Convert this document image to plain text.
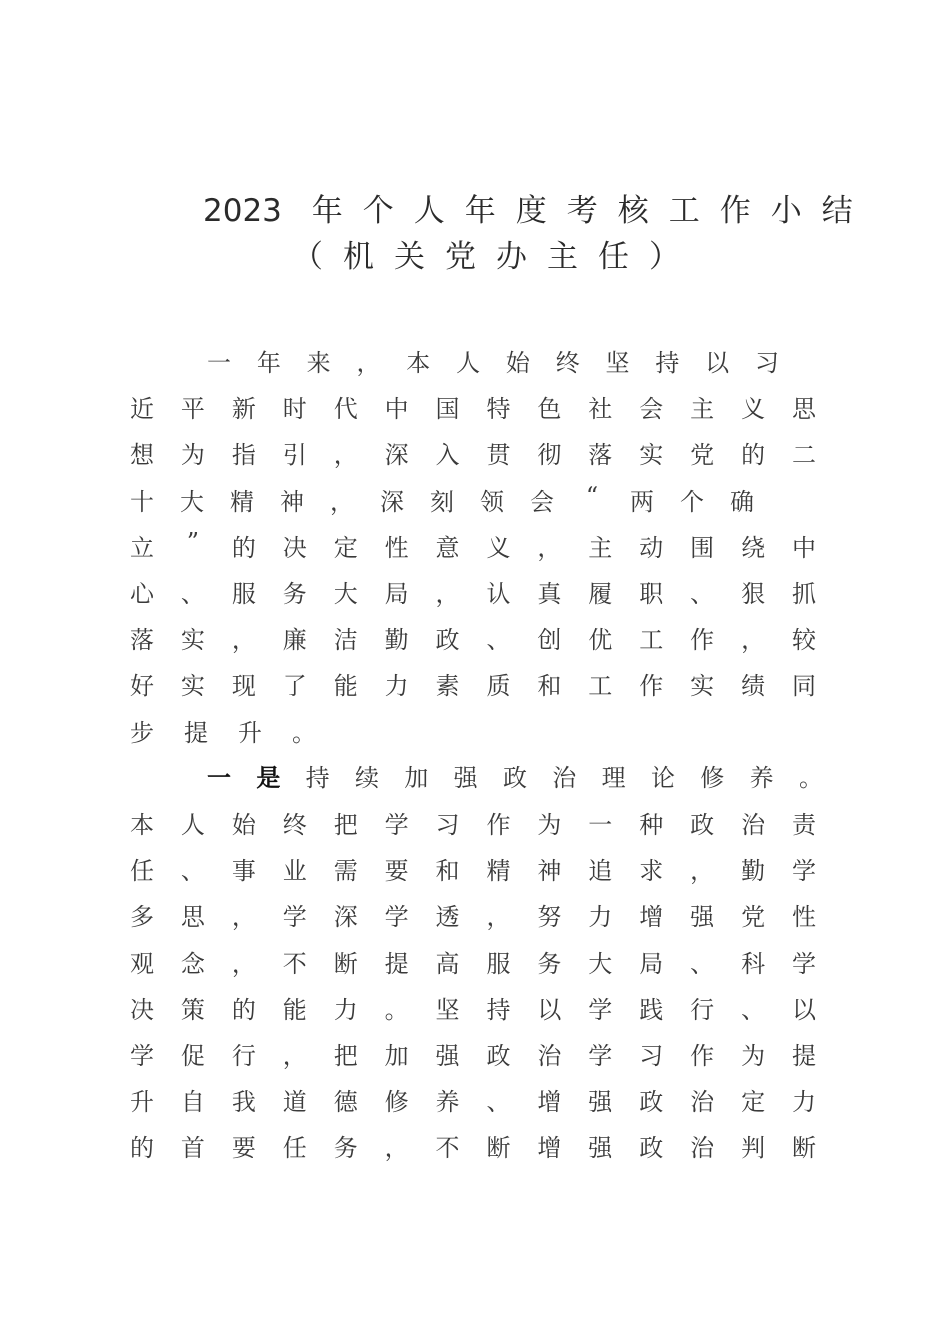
2023 年个人年度考核工作小结
（机关党办主任）
一 年 来 ， 本 人 始 终 坚 持 以 习
近 平 新 时 代 中 国 特 色 社 会 主 义 思
想 为 指 引 ， 深 入 贯 彻 落 实 党 的 二
十 大 精 神 ， 深 刻 领 会	“	两 个 确
立	”	的 决 定 性 意 义 ， 主 动 围 绕 中
心 、 服 务 大 局 ， 认 真 履 职 、 狠 抓
落 实 ， 廉 洁 勤 政 、 创 优 工 作 ， 较
好 实 现 了 能 力 素 质 和 工 作 实 绩 同
步 提 升 。
一 是 持 续 加 强 政 治 理 论 修 养 。
本 人 始 终 把 学 习 作 为 一 种 政 治 责
任 、 事 业 需 要 和 精 神 追 求 ， 勤 学
多 思 ， 学 深 学 透 ， 努 力 增 强 党 性
观 念 ， 不 断 提 高 服 务 大 局 、 科 学
决 策 的 能 力 。 坚 持 以 学 践 行 、 以
学 促 行 ， 把 加 强 政 治 学 习 作 为 提
升 自 我 道 德 修 养 、 增 强 政 治 定 力
的 首 要 任 务 ， 不 断 增 强 政 治 判 断
